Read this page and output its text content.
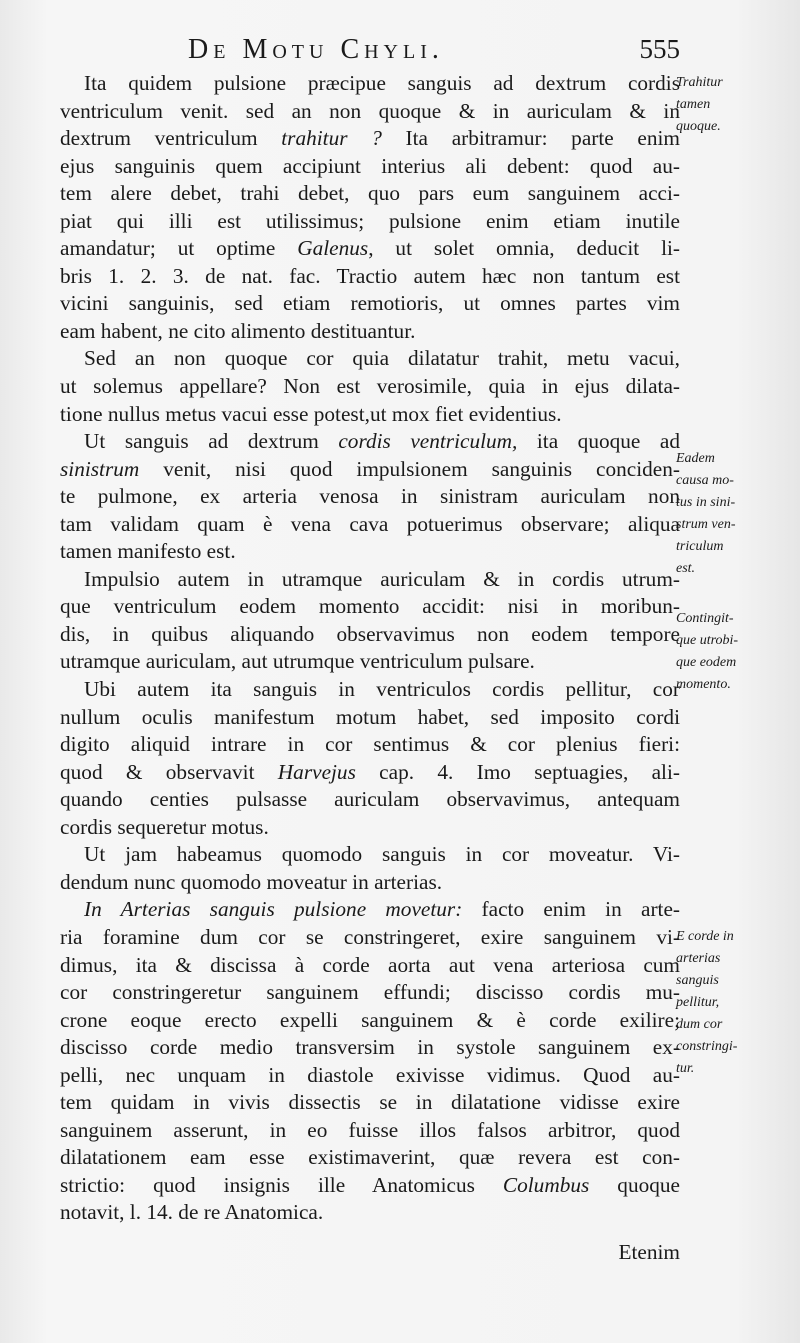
De Motu Chyli.	555
Ita quidem pulsione præcipue sanguis ad dextrum cordis
ventriculum venit. sed an non quoque & in auriculam & in
dextrum ventriculum trahitur ? Ita arbitramur: parte enim
ejus sanguinis quem accipiunt interius ali debent: quod au-
tem alere debet, trahi debet, quo pars eum sanguinem acci-
piat qui illi est utilissimus; pulsione enim etiam inutile
amandatur; ut optime Galenus, ut solet omnia, deducit li-
bris 1. 2. 3. de nat. fac. Tractio autem hæc non tantum est
vicini sanguinis, sed etiam remotioris, ut omnes partes vim
eam habent, ne cito alimento destituantur.
Sed an non quoque cor quia dilatatur trahit, metu vacui,
ut solemus appellare? Non est verosimile, quia in ejus dilata-
tione nullus metus vacui esse potest,ut mox fiet evidentius.
Ut sanguis ad dextrum cordis ventriculum, ita quoque ad
sinistrum venit, nisi quod impulsionem sanguinis conciden-
te pulmone, ex arteria venosa in sinistram auriculam non
tam validam quam è vena cava potuerimus observare; aliqua
tamen manifesto est.
Impulsio autem in utramque auriculam & in cordis utrum-
que ventriculum eodem momento accidit: nisi in moribun-
dis, in quibus aliquando observavimus non eodem tempore
utramque auriculam, aut utrumque ventriculum pulsare.
Ubi autem ita sanguis in ventriculos cordis pellitur, cor
nullum oculis manifestum motum habet, sed imposito cordi
digito aliquid intrare in cor sentimus & cor plenius fieri:
quod & observavit Harvejus cap. 4. Imo septuagies, ali-
quando centies pulsasse auriculam observavimus, antequam
cordis sequeretur motus.
Ut jam habeamus quomodo sanguis in cor moveatur. Vi-
dendum nunc quomodo moveatur in arterias.
In Arterias sanguis pulsione movetur: facto enim in arte-
ria foramine dum cor se constringeret, exire sanguinem vi-
dimus, ita & discissa à corde aorta aut vena arteriosa cum
cor constringeretur sanguinem effundi; discisso cordis mu-
crone eoque erecto expelli sanguinem & è corde exilire;
discisso corde medio transversim in systole sanguinem ex-
pelli, nec unquam in diastole exivisse vidimus. Quod au-
tem quidam in vivis dissectis se in dilatatione vidisse exire
sanguinem asserunt, in eo fuisse illos falsos arbitror, quod
dilatationem eam esse existimaverint, quæ revera est con-
strictio: quod insignis ille Anatomicus Columbus quoque
notavit, l. 14. de re Anatomica.
Etenim
Trahitur
tamen
quoque.
Eadem
causa mo-
tus in sini-
strum ven-
triculum
est.
Contingit-
que utrobi-
que eodem
momento.
E corde in
arterias
sanguis
pellitur,
dum cor
constringi-
tur.
